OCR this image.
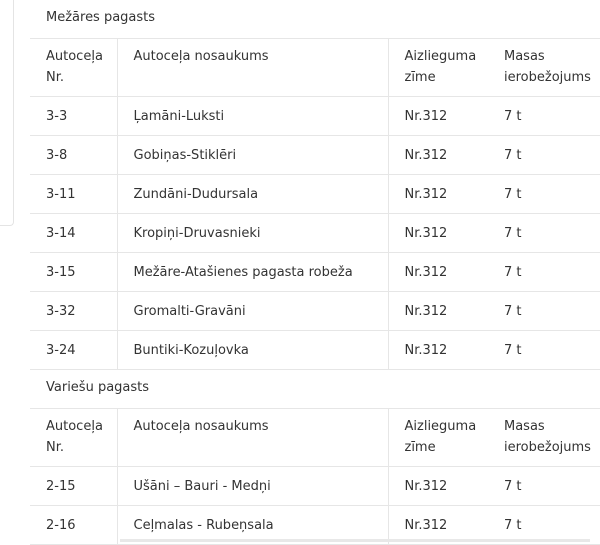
Mežāres pagasts
Autoceļa Nr.	Autoceļa nosaukums	Aizlieguma zīme	Masas ierobežojums
3-3	Ļamāni-Luksti	Nr.312	7 t
3-8	Gobiņas-Stiklēri	Nr.312	7 t
3-11	Zundāni-Dudursala	Nr.312	7 t
3-14	Kropiņi-Druvasnieki	Nr.312	7 t
3-15	Mežāre-Atašienes pagasta robeža	Nr.312	7 t
3-32	Gromalti-Gravāni	Nr.312	7 t
3-24	Buntiki-Kozuļovka	Nr.312	7 t
Variešu pagasts
Autoceļa Nr.	Autoceļa nosaukums	Aizlieguma zīme	Masas ierobežojums
2-15	Ušāni – Bauri - Medņi	Nr.312	7 t
2-16	Ceļmalas - Rubeņsala	Nr.312	7 t
